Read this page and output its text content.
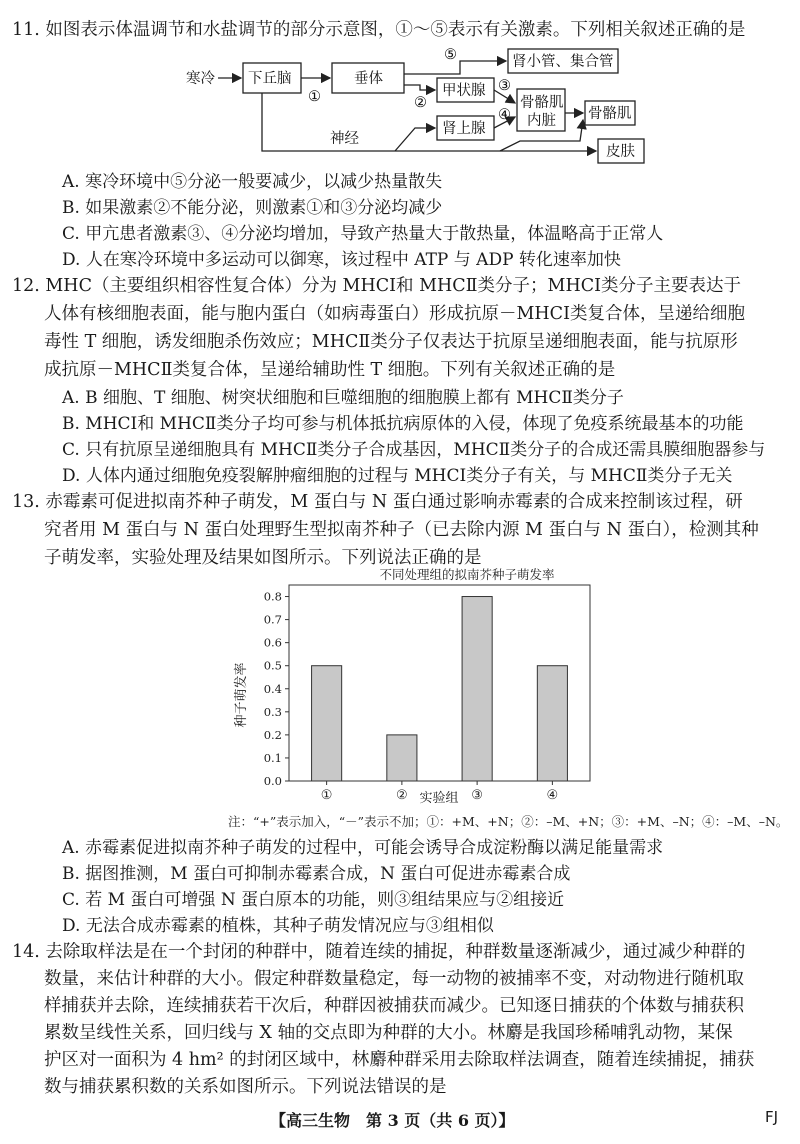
11. 如图表示体温调节和水盐调节的部分示意图，①～⑤表示有关激素。下列相关叙述正确的是
寒冷 下丘脑	垂体
肾小管、集合管
甲状腺
肾上腺
骨骼肌
内脏 骨骼肌
皮肤
神经
①	②
③
④
⑤
A. 寒冷环境中⑤分泌一般要减少，以减少热量散失
B. 如果激素②不能分泌，则激素①和③分泌均减少
C. 甲亢患者激素③、④分泌均增加，导致产热量大于散热量，体温略高于正常人
D. 人在寒冷环境中多运动可以御寒，该过程中 ATP 与 ADP 转化速率加快
12. MHC（主要组织相容性复合体）分为 MHCⅠ和 MHCⅡ类分子；MHCⅠ类分子主要表达于
人体有核细胞表面，能与胞内蛋白（如病毒蛋白）形成抗原－MHCⅠ类复合体，呈递给细胞
毒性 T 细胞，诱发细胞杀伤效应；MHCⅡ类分子仅表达于抗原呈递细胞表面，能与抗原形
成抗原－MHCⅡ类复合体，呈递给辅助性 T 细胞。下列有关叙述正确的是
A. B 细胞、T 细胞、树突状细胞和巨噬细胞的细胞膜上都有 MHCⅡ类分子
B. MHCⅠ和 MHCⅡ类分子均可参与机体抵抗病原体的入侵，体现了免疫系统最基本的功能
C. 只有抗原呈递细胞具有 MHCⅡ类分子合成基因，MHCⅡ类分子的合成还需具膜细胞器参与
D. 人体内通过细胞免疫裂解肿瘤细胞的过程与 MHCⅠ类分子有关，与 MHCⅡ类分子无关
13. 赤霉素可促进拟南芥种子萌发，M 蛋白与 N 蛋白通过影响赤霉素的合成来控制该过程，研
究者用 M 蛋白与 N 蛋白处理野生型拟南芥种子（已去除内源 M 蛋白与 N 蛋白），检测其种
子萌发率，实验处理及结果如图所示。下列说法正确的是
不同处理组的拟南芥种子萌发率
种子萌发率
实验组
0.0
0.1
0.2
0.3
0.4
0.5
0.6
0.7
0.8
①	②	③	④
注：“+”表示加入，“－”表示不加；①：+M、+N；②：–M、+N；③：+M、–N；④：–M、–N。
A. 赤霉素促进拟南芥种子萌发的过程中，可能会诱导合成淀粉酶以满足能量需求
B. 据图推测，M 蛋白可抑制赤霉素合成，N 蛋白可促进赤霉素合成
C. 若 M 蛋白可增强 N 蛋白原本的功能，则③组结果应与②组接近
D. 无法合成赤霉素的植株，其种子萌发情况应与③组相似
14. 去除取样法是在一个封闭的种群中，随着连续的捕捉，种群数量逐渐减少，通过减少种群的
数量，来估计种群的大小。假定种群数量稳定，每一动物的被捕率不变，对动物进行随机取
样捕获并去除，连续捕获若干次后，种群因被捕获而减少。已知逐日捕获的个体数与捕获积
累数呈线性关系，回归线与 X 轴的交点即为种群的大小。林麝是我国珍稀哺乳动物，某保
护区对一面积为 4 hm² 的封闭区域中，林麝种群采用去除取样法调查，随着连续捕捉，捕获
数与捕获累积数的关系如图所示。下列说法错误的是
【高三生物　第 3 页（共 6 页）】	FJ
